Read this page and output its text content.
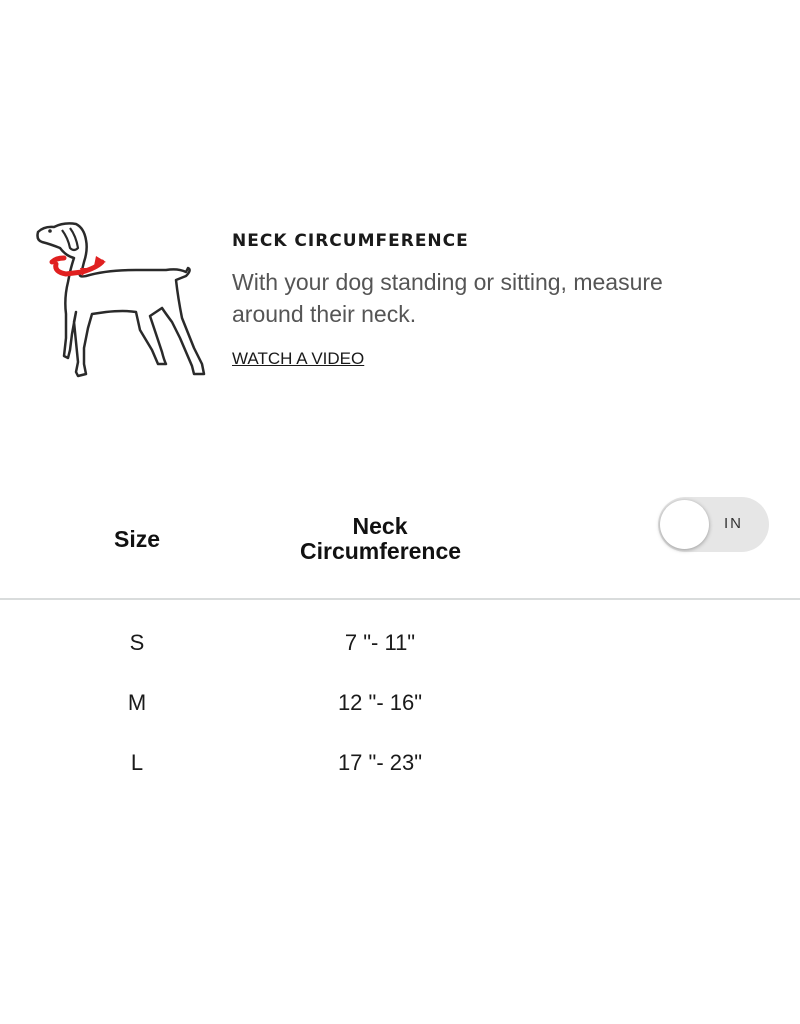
NECK CIRCUMFERENCE
With your dog standing or sitting, measure around their neck.
WATCH A VIDEO
Size	Neck Circumference
IN
S	7 "- 11"
M	12 "- 16"
L	17 "- 23"
